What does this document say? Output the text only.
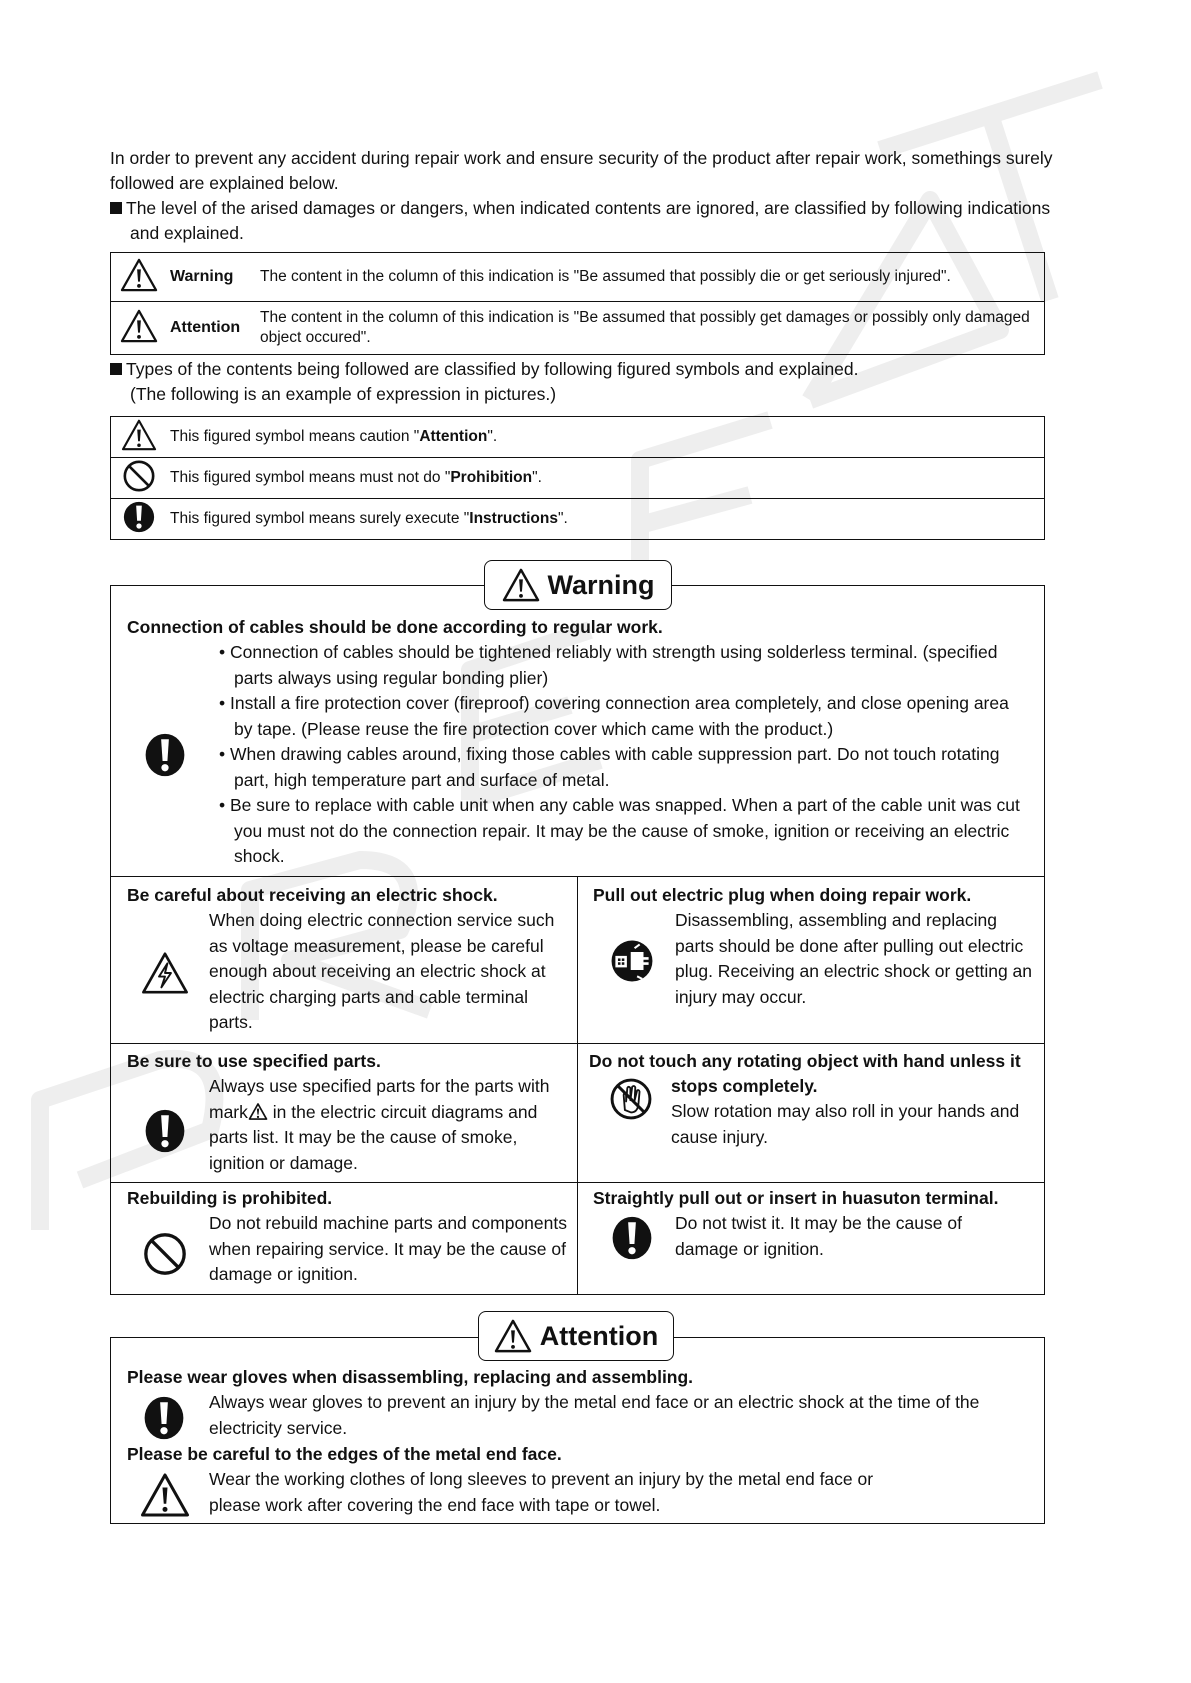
In order to prevent any accident during repair work and ensure security of the product after repair work, somethings surely followed are explained below.

The level of the arised damages or dangers, when indicated contents are ignored, are classified by following indications and explained.

	Warning	The content in the column of this indication is "Be assumed that possibly die or get seriously injured".
	Attention	The content in the column of this indication is "Be assumed that possibly get damages or possibly only damaged object occured".

Types of the contents being followed are classified by following figured symbols and explained.

(The following is an example of expression in pictures.)

	This figured symbol means caution "Attention".
	This figured symbol means must not do "Prohibition".
	This figured symbol means surely execute "Instructions".
Connection of cables should be done according to regular work.
• Connection of cables should be tightened reliably with strength using solderless terminal. (specified parts always using regular bonding plier)
• Install a fire protection cover (fireproof) covering connection area completely, and close opening area by tape. (Please reuse the fire protection cover which came with the product.)
• When drawing cables around, fixing those cables with cable suppression part. Do not touch rotating part, high temperature part and surface of metal.
• Be sure to replace with cable unit when any cable was snapped. When a part of the cable unit was cut you must not do the connection repair. It may be the cause of smoke, ignition or receiving an electric shock.
Be careful about receiving an electric shock.
When doing electric connection service such as voltage measurement, please be careful enough about receiving an electric shock at electric charging parts and cable terminal parts.
Pull out electric plug when doing repair work.
Disassembling, assembling and replacing parts should be done after pulling out electric plug. Receiving an electric shock or getting an injury may occur.
Be sure to use specified parts.
Always use specified parts for the parts with mark in the electric circuit diagrams and parts list. It may be the cause of smoke, ignition or damage.
Do not touch any rotating object with hand unless it
stops completely.
Slow rotation may also roll in your hands and cause injury.
Rebuilding is prohibited.
Do not rebuild machine parts and components when repairing service. It may be the cause of damage or ignition.
Straightly pull out or insert in huasuton terminal.
Do not twist it. It may be the cause of damage or ignition.
Warning
Please wear gloves when disassembling, replacing and assembling.
Always wear gloves to prevent an injury by the metal end face or an electric shock at the time of the electricity service.
Please be careful to the edges of the metal end face.
Wear the working clothes of long sleeves to prevent an injury by the metal end face or please work after covering the end face with tape or towel.
Attention
